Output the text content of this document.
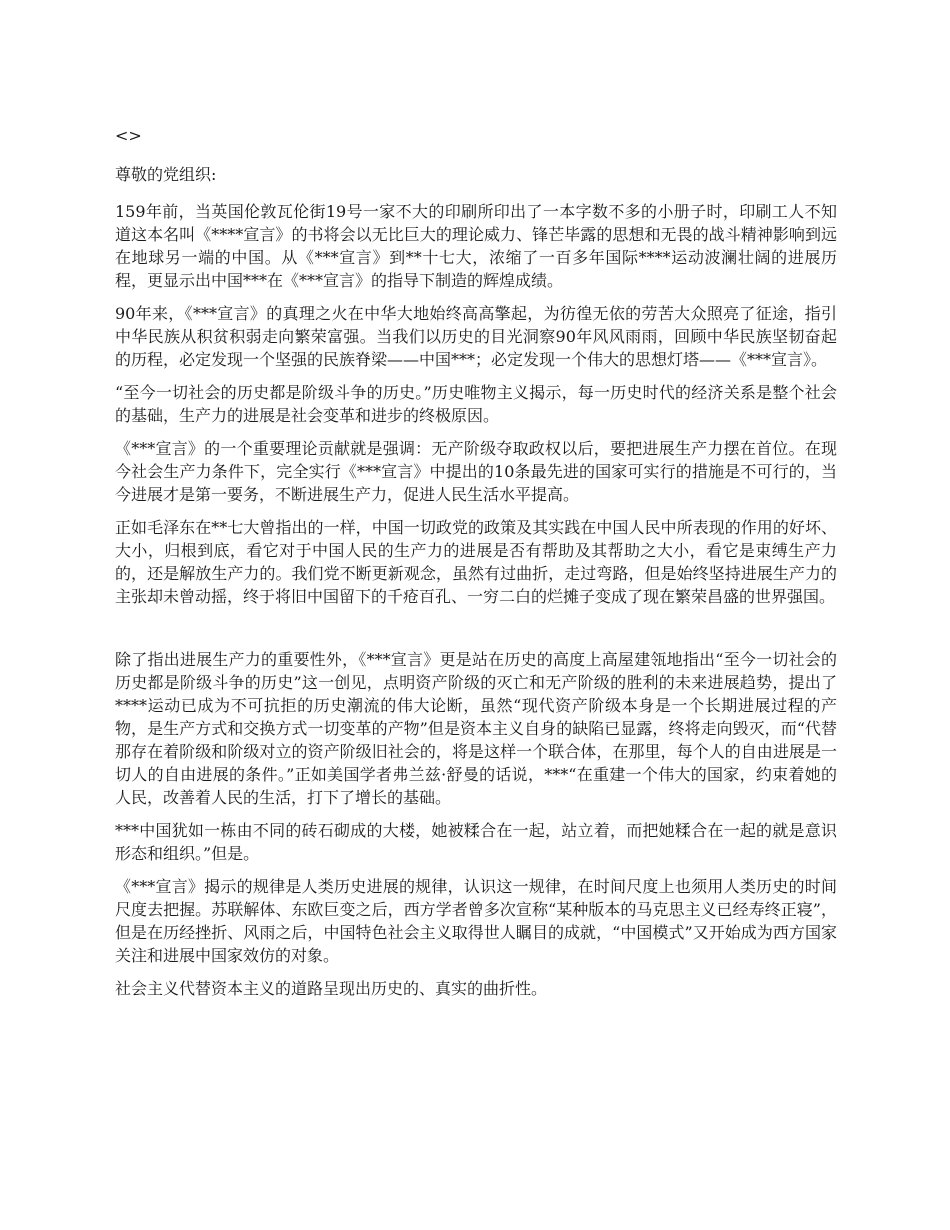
<>

尊敬的党组织:

159年前，当英国伦敦瓦伦街19号一家不大的印刷所印出了一本字数不多的小册子时，印刷工人不知道这本名叫《****宣言》的书将会以无比巨大的理论威力、锋芒毕露的思想和无畏的战斗精神影响到远在地球另一端的中国。从《***宣言》到**十七大，浓缩了一百多年国际****运动波澜壮阔的进展历程，更显示出中国***在《***宣言》的指导下制造的辉煌成绩。

90年来，《***宣言》的真理之火在中华大地始终高高擎起，为彷徨无依的劳苦大众照亮了征途，指引中华民族从积贫积弱走向繁荣富强。当我们以历史的目光洞察90年风风雨雨，回顾中华民族坚韧奋起的历程，必定发现一个坚强的民族脊梁——中国***；必定发现一个伟大的思想灯塔——《***宣言》。

“至今一切社会的历史都是阶级斗争的历史。”历史唯物主义揭示，每一历史时代的经济关系是整个社会的基础，生产力的进展是社会变革和进步的终极原因。

《***宣言》的一个重要理论贡献就是强调：无产阶级夺取政权以后，要把进展生产力摆在首位。在现今社会生产力条件下，完全实行《***宣言》中提出的10条最先进的国家可实行的措施是不可行的，当今进展才是第一要务，不断进展生产力，促进人民生活水平提高。

正如毛泽东在**七大曾指出的一样，中国一切政党的政策及其实践在中国人民中所表现的作用的好坏、大小，归根到底，看它对于中国人民的生产力的进展是否有帮助及其帮助之大小，看它是束缚生产力的，还是解放生产力的。我们党不断更新观念，虽然有过曲折，走过弯路，但是始终坚持进展生产力的主张却未曾动摇，终于将旧中国留下的千疮百孔、一穷二白的烂摊子变成了现在繁荣昌盛的世界强国。

除了指出进展生产力的重要性外，《***宣言》更是站在历史的高度上高屋建瓴地指出“至今一切社会的历史都是阶级斗争的历史”这一创见，点明资产阶级的灭亡和无产阶级的胜利的未来进展趋势，提出了****运动已成为不可抗拒的历史潮流的伟大论断，虽然“现代资产阶级本身是一个长期进展过程的产物，是生产方式和交换方式一切变革的产物”但是资本主义自身的缺陷已显露，终将走向毁灭，而“代替那存在着阶级和阶级对立的资产阶级旧社会的，将是这样一个联合体，在那里，每个人的自由进展是一切人的自由进展的条件。”正如美国学者弗兰兹·舒曼的话说，***“在重建一个伟大的国家，约束着她的人民，改善着人民的生活，打下了增长的基础。

***中国犹如一栋由不同的砖石砌成的大楼，她被糅合在一起，站立着，而把她糅合在一起的就是意识形态和组织。”但是。

《***宣言》揭示的规律是人类历史进展的规律，认识这一规律，在时间尺度上也须用人类历史的时间尺度去把握。苏联解体、东欧巨变之后，西方学者曾多次宣称“某种版本的马克思主义已经寿终正寝”，但是在历经挫折、风雨之后，中国特色社会主义取得世人瞩目的成就，“中国模式”又开始成为西方国家关注和进展中国家效仿的对象。

社会主义代替资本主义的道路呈现出历史的、真实的曲折性。
